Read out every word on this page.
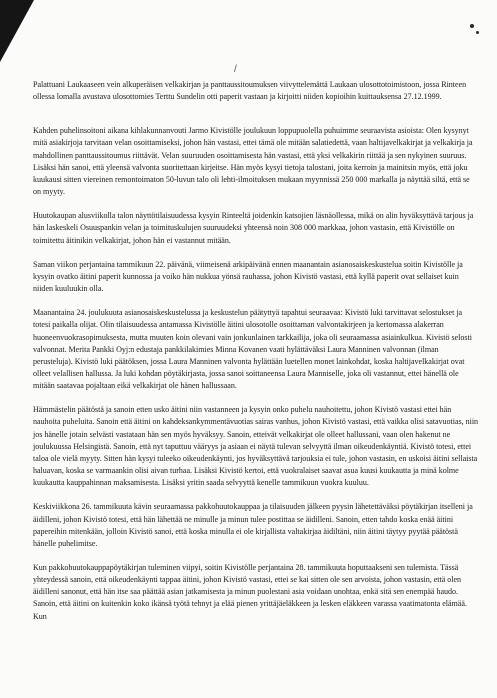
/

Palattuani Laukaaseen vein alkuperäisen velkakirjan ja panttaussitoumuksen viivyttelemättä Laukaan ulosottotoimistoon, jossa Rinteen ollessa lomalla avustava ulosottomies Terttu Sundelin otti paperit vastaan ja kirjoitti niiden kopioihin kuittauksensa 27.12.1999.

Kahden puhelinsoitoni aikana kihlakunnanvouti Jarmo Kivistölle joulukuun loppupuolella puhuimme seuraavista asioista: Olen kysynyt mitä asiakirjoja tarvitaan velan osoittamiseksi, johon hän vastasi, ettei tämä ole mitään salatiedettä, vaan haltijavelkakirjat ja velkakirja ja mahdollinen panttaussitoumus riittävät. Velan suuruuden osoittamisesta hän vastasi, että yksi velkakirin riittää ja sen nykyinen suuruus. Lisäksi hän sanoi, että yleensä valvonta suoritettaan kirjeitse. Hän myös kysyi tietoja talostani, joita kerroin ja mainitsin myös, että joku kuukausi sitten viereinen remontoimaton 50-luvun talo oli lehti-ilmoituksen mukaan myynnissä 250 000 markalla ja näyttää siltä, että se on myyty.

Huutokaupan alusviikolla talon näyttötilaisuudessa kysyin Rinteeltä joidenkin katsojien läsnäollessa, mikä on alin hyväksyttävä tarjous ja hän laskeskeli Osuuspankin velan ja toimituskulujen suuruudeksi yhteensä noin 308 000 markkaa, johon vastasin, että Kivistölle on toimitettu äitinikin velkakirjat, johon hän ei vastannut mitään.

Saman viikon perjantaina tammikuun 22. päivänä, viimeisenä arkipäivänä ennen maanantain asianosaiskeskustelua soitin Kivistölle ja kysyin ovatko äitini paperit kunnossa ja voiko hän nukkua yönsä rauhassa, johon Kivistö vastasi, että kyllä paperit ovat sellaiset kuin niiden kuuluukin olla.

Maanantaina 24. joulukuuta asianosaiskeskustelussa ja keskustelun päätyttyä tapahtui seuraavaa: Kivistö luki tarvittavat selostukset ja totesi paikalla olijat. Olin tilaisuudessa antamassa Kivistölle äitini ulosotolle osoittaman valvontakirjeen ja kertomassa alakerran huoneenvuokrasopimuksesta, mutta muuten koin olevani vain jonkunlainen tarkkailija, joka oli seuraamassa asiainkulkua. Kivistö selosti valvonnat. Merita Pankki Oyj:n edustaja pankkilakimies Minna Kovanen vaati hylättäväksi Laura Manninen valvonnan (ilman perusteluja). Kivistö luki päätöksen, jossa Laura Manninen valvonta hylättään luetellen monet lainkohdat, koska haltijavelkakirjat ovat olleet velallisen hallussa. Ja luki kohdan pöytäkirjasta, jossa sanoi soittaneensa Laura Manniselle, joka oli vastannut, ettei hänellä ole mitään saatavaa pojaltaan eikä velkakirjat ole hänen hallussaan.

Hämmästelin päätöstä ja sanoin etten usko äitini niin vastanneen ja kysyin onko puhelu nauhoitettu, johon Kivistö vastasi ettei hän nauhoita puheluita. Sanoin että äitini on kahdeksankymmentävuotias sairas vanhus, johon Kivistö vastasi, että vaikka olisi satavuotias, niin jos hänelle jotain selvästi vastataan hän sen myös hyväksyy. Sanoin, etteivät velkakirjat ole olleet hallussani, vaan olen hakenut ne joulukuussa Helsingistä. Sanoin, että nyt taputtuu vääryys ja asiaan ei näytä tulevan selvyyttä ilman oikeudenkäyntiä. Kivistö totesi, ettei taloa ole vielä myyty. Sitten hän kysyi tuleeko oikeudenkäynti, jos hyväksyttävä tarjouksia ei tule, johon vastasin, en uskoisi äitini sellaista haluavan, koska se varmaankin olisi aivan turhaa. Lisäksi Kivistö kertoi, että vuokralaiset saavat asua kuusi kuukautta ja minä kolme kuukautta kauppahinnan maksamisesta. Lisäksi yritin saada selvyyttä kenelle tammikuun vuokra kuuluu.

Keskiviikkona 26. tammikuuta kävin seuraamassa pakkohuutokauppaa ja tilaisuuden jälkeen pyysin lähetettäväksi pöytäkirjan itselleni ja äidilleni, johon Kivistö totesi, että hän lähettää ne minulle ja minun tulee postittaa se äidilleni. Sanoin, etten tahdo koska enää äitini papereihin mitenkään, jolloin Kivistö sanoi, että koska minulla ei ole kirjallista valtakirjaa äidiltäni, niin äitini täytyy pyytää päätöstä hänelle puhelimitse.

Kun pakkohuutokauppapöytäkirjan tuleminen viipyi, soitin Kivistölle perjantaina 28. tammikuuta hoputtaakseni sen tulemista. Tässä yhteydessä sanoin, että oikeudenkäynti tappaa äitini, johon Kivistö vastasi, ettei se kai sitten ole sen arvoista, johon vastasin, että olen äidilleni sanonut, että hän itse saa päättää asian jatkamisesta ja minun puolestani asia voidaan unohtaa, enkä sitä sen enempää haudo. Sanoin, että äitini on kuitenkin koko ikänsä työtä tehnyt ja elää pienen yrittäjäeläkkeen ja lesken eläkkeen varassa vaatimatonta elämää. Kun
